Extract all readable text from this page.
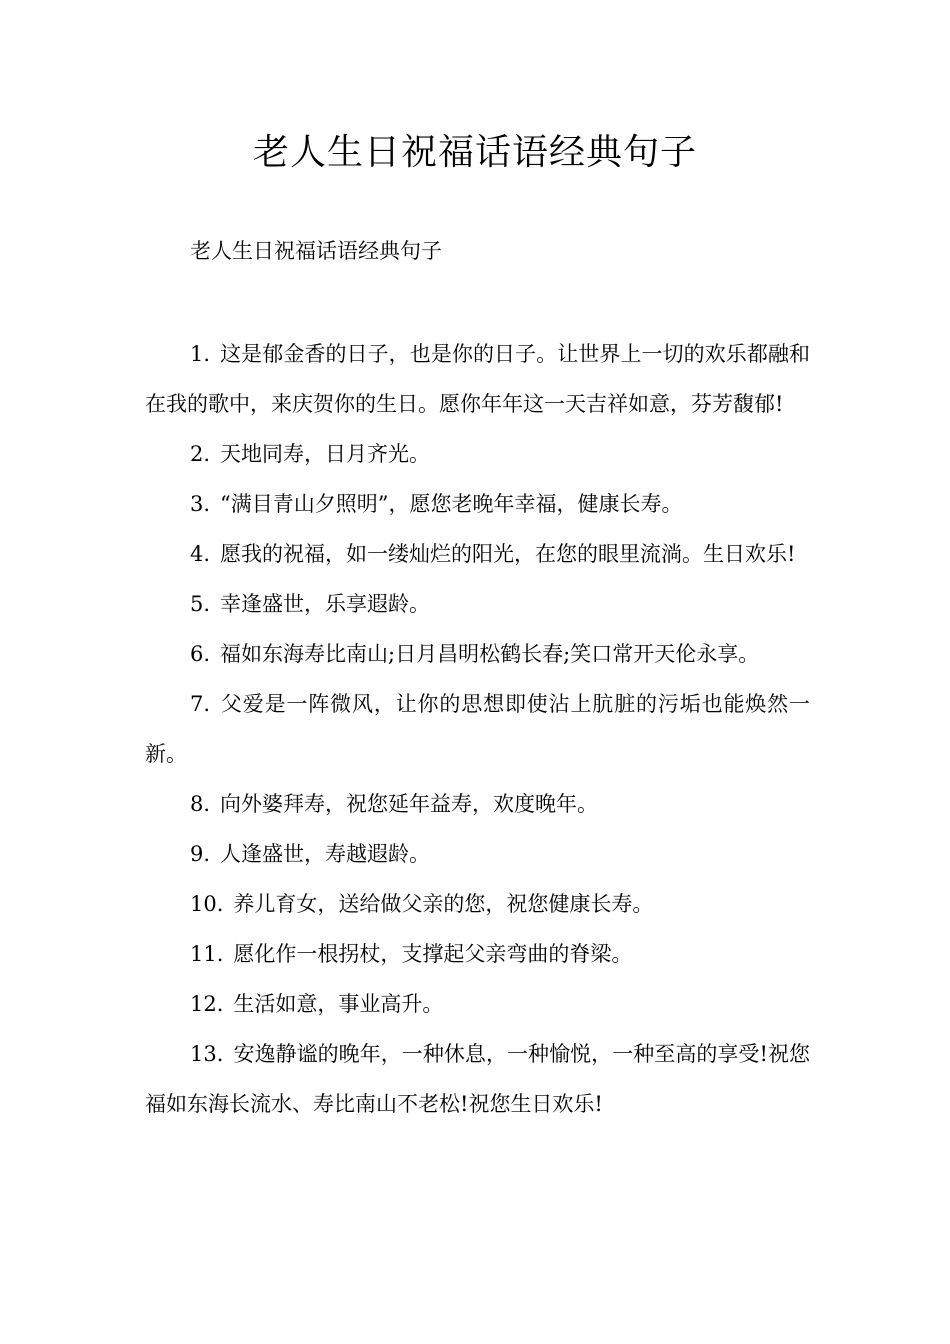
老人生日祝福话语经典句子

老人生日祝福话语经典句子

1. 这是郁金香的日子，也是你的日子。让世界上一切的欢乐都融和在我的歌中，来庆贺你的生日。愿你年年这一天吉祥如意，芬芳馥郁!

2. 天地同寿，日月齐光。

3. “满目青山夕照明”，愿您老晚年幸福，健康长寿。

4. 愿我的祝福，如一缕灿烂的阳光，在您的眼里流淌。生日欢乐!

5. 幸逢盛世，乐享遐龄。

6. 福如东海寿比南山;日月昌明松鹤长春;笑口常开天伦永享。

7. 父爱是一阵微风，让你的思想即使沾上肮脏的污垢也能焕然一新。

8. 向外婆拜寿，祝您延年益寿，欢度晚年。

9. 人逢盛世，寿越遐龄。

10. 养儿育女，送给做父亲的您，祝您健康长寿。

11. 愿化作一根拐杖，支撑起父亲弯曲的脊梁。

12. 生活如意，事业高升。

13. 安逸静谧的晚年，一种休息，一种愉悦，一种至高的享受!祝您福如东海长流水、寿比南山不老松!祝您生日欢乐!
